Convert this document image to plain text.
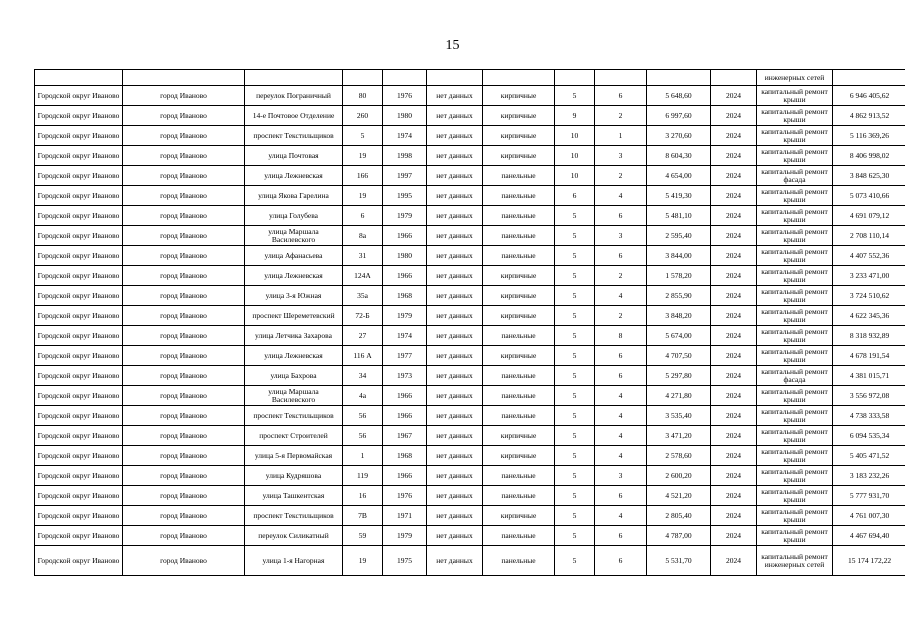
15
											инженерных сетей	
Городской округ Иваново	город Иваново	переулок Пограничный	80	1976	нет данных	кирпичные	5	6	5 648,60	2024	капитальный ремонт крыши	6 946 405,62
Городской округ Иваново	город Иваново	14-е Почтовое Отделение	260	1980	нет данных	кирпичные	9	2	6 997,60	2024	капитальный ремонт крыши	4 862 913,52
Городской округ Иваново	город Иваново	проспект Текстильщиков	5	1974	нет данных	кирпичные	10	1	3 270,60	2024	капитальный ремонт крыши	5 116 369,26
Городской округ Иваново	город Иваново	улица Почтовая	19	1998	нет данных	кирпичные	10	3	8 604,30	2024	капитальный ремонт крыши	8 406 998,02
Городской округ Иваново	город Иваново	улица Лежневская	166	1997	нет данных	панельные	10	2	4 654,00	2024	капитальный ремонт фасада	3 848 625,30
Городской округ Иваново	город Иваново	улица Якова Гарелина	19	1995	нет данных	панельные	6	4	5 419,30	2024	капитальный ремонт крыши	5 073 410,66
Городской округ Иваново	город Иваново	улица Голубева	6	1979	нет данных	панельные	5	6	5 481,10	2024	капитальный ремонт крыши	4 691 079,12
Городской округ Иваново	город Иваново	улица Маршала Василевского	8а	1966	нет данных	панельные	5	3	2 595,40	2024	капитальный ремонт крыши	2 708 110,14
Городской округ Иваново	город Иваново	улица Афанасьева	31	1980	нет данных	панельные	5	6	3 844,00	2024	капитальный ремонт крыши	4 407 552,36
Городской округ Иваново	город Иваново	улица Лежневская	124А	1966	нет данных	кирпичные	5	2	1 578,20	2024	капитальный ремонт крыши	3 233 471,00
Городской округ Иваново	город Иваново	улица 3-я Южная	35а	1968	нет данных	кирпичные	5	4	2 855,90	2024	капитальный ремонт крыши	3 724 510,62
Городской округ Иваново	город Иваново	проспект Шереметевский	72-Б	1979	нет данных	кирпичные	5	2	3 848,20	2024	капитальный ремонт крыши	4 622 345,36
Городской округ Иваново	город Иваново	улица Летчика Захарова	27	1974	нет данных	панельные	5	8	5 674,00	2024	капитальный ремонт крыши	8 318 932,89
Городской округ Иваново	город Иваново	улица Лежневская	116 А	1977	нет данных	кирпичные	5	6	4 707,50	2024	капитальный ремонт крыши	4 678 191,54
Городской округ Иваново	город Иваново	улица Бахрова	34	1973	нет данных	панельные	5	6	5 297,80	2024	капитальный ремонт фасада	4 381 015,71
Городской округ Иваново	город Иваново	улица Маршала Василевского	4а	1966	нет данных	панельные	5	4	4 271,80	2024	капитальный ремонт крыши	3 556 972,08
Городской округ Иваново	город Иваново	проспект Текстильщиков	56	1966	нет данных	панельные	5	4	3 535,40	2024	капитальный ремонт крыши	4 738 333,58
Городской округ Иваново	город Иваново	проспект Строителей	56	1967	нет данных	кирпичные	5	4	3 471,20	2024	капитальный ремонт крыши	6 094 535,34
Городской округ Иваново	город Иваново	улица 5-я Первомайская	1	1968	нет данных	кирпичные	5	4	2 578,60	2024	капитальный ремонт крыши	5 405 471,52
Городской округ Иваново	город Иваново	улица Кудряшова	119	1966	нет данных	панельные	5	3	2 600,20	2024	капитальный ремонт крыши	3 183 232,26
Городской округ Иваново	город Иваново	улица Ташкентская	16	1976	нет данных	панельные	5	6	4 521,20	2024	капитальный ремонт крыши	5 777 931,70
Городской округ Иваново	город Иваново	проспект Текстильщиков	7В	1971	нет данных	кирпичные	5	4	2 805,40	2024	капитальный ремонт крыши	4 761 007,30
Городской округ Иваново	город Иваново	переулок Силикатный	59	1979	нет данных	панельные	5	6	4 787,00	2024	капитальный ремонт крыши	4 467 694,40
Городской округ Иваново	город Иваново	улица 1-я Нагорная	19	1975	нет данных	панельные	5	6	5 531,70	2024	капитальный ремонт инженерных сетей	15 174 172,22
